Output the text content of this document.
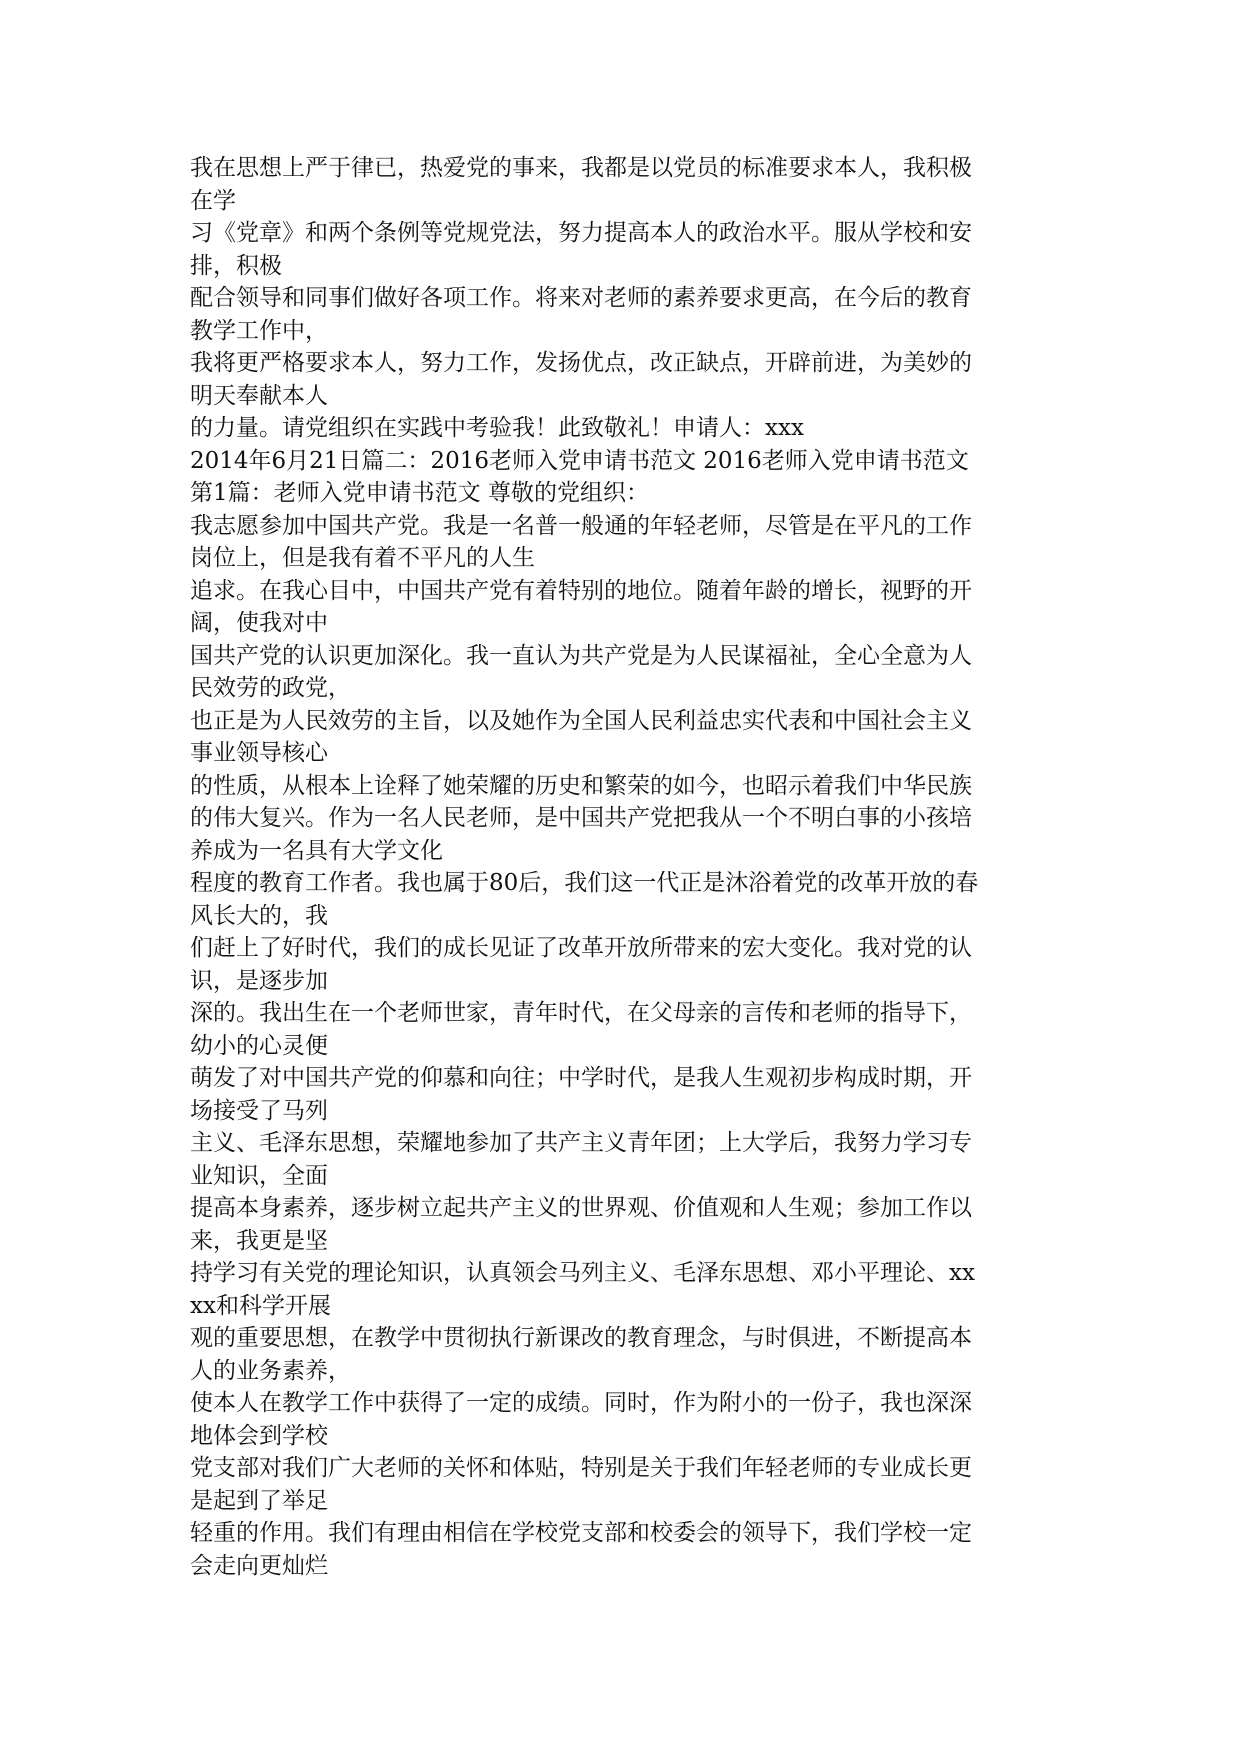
我在思想上严于律已，热爱党的事来，我都是以党员的标准要求本人，我积极
在学
习《党章》和两个条例等党规党法，努力提高本人的政治水平。服从学校和安
排，积极
配合领导和同事们做好各项工作。将来对老师的素养要求更高，在今后的教育
教学工作中，
我将更严格要求本人，努力工作，发扬优点，改正缺点，开辟前进，为美妙的
明天奉献本人
的力量。请党组织在实践中考验我！此致敬礼！申请人：xxx
2014年6月21日篇二：2016老师入党申请书范文 2016老师入党申请书范文
第1篇：老师入党申请书范文 尊敬的党组织：
我志愿参加中国共产党。我是一名普一般通的年轻老师，尽管是在平凡的工作
岗位上，但是我有着不平凡的人生
追求。在我心目中，中国共产党有着特别的地位。随着年龄的增长，视野的开
阔，使我对中
国共产党的认识更加深化。我一直认为共产党是为人民谋福祉，全心全意为人
民效劳的政党，
也正是为人民效劳的主旨，以及她作为全国人民利益忠实代表和中国社会主义
事业领导核心
的性质，从根本上诠释了她荣耀的历史和繁荣的如今，也昭示着我们中华民族
的伟大复兴。作为一名人民老师，是中国共产党把我从一个不明白事的小孩培
养成为一名具有大学文化
程度的教育工作者。我也属于80后，我们这一代正是沐浴着党的改革开放的春
风长大的，我
们赶上了好时代，我们的成长见证了改革开放所带来的宏大变化。我对党的认
识，是逐步加
深的。我出生在一个老师世家，青年时代，在父母亲的言传和老师的指导下，
幼小的心灵便
萌发了对中国共产党的仰慕和向往；中学时代，是我人生观初步构成时期，开
场接受了马列
主义、毛泽东思想，荣耀地参加了共产主义青年团；上大学后，我努力学习专
业知识，全面
提高本身素养，逐步树立起共产主义的世界观、价值观和人生观；参加工作以
来，我更是坚
持学习有关党的理论知识，认真领会马列主义、毛泽东思想、邓小平理论、xx
xx和科学开展
观的重要思想，在教学中贯彻执行新课改的教育理念，与时俱进，不断提高本
人的业务素养，
使本人在教学工作中获得了一定的成绩。同时，作为附小的一份子，我也深深
地体会到学校
党支部对我们广大老师的关怀和体贴，特别是关于我们年轻老师的专业成长更
是起到了举足
轻重的作用。我们有理由相信在学校党支部和校委会的领导下，我们学校一定
会走向更灿烂
